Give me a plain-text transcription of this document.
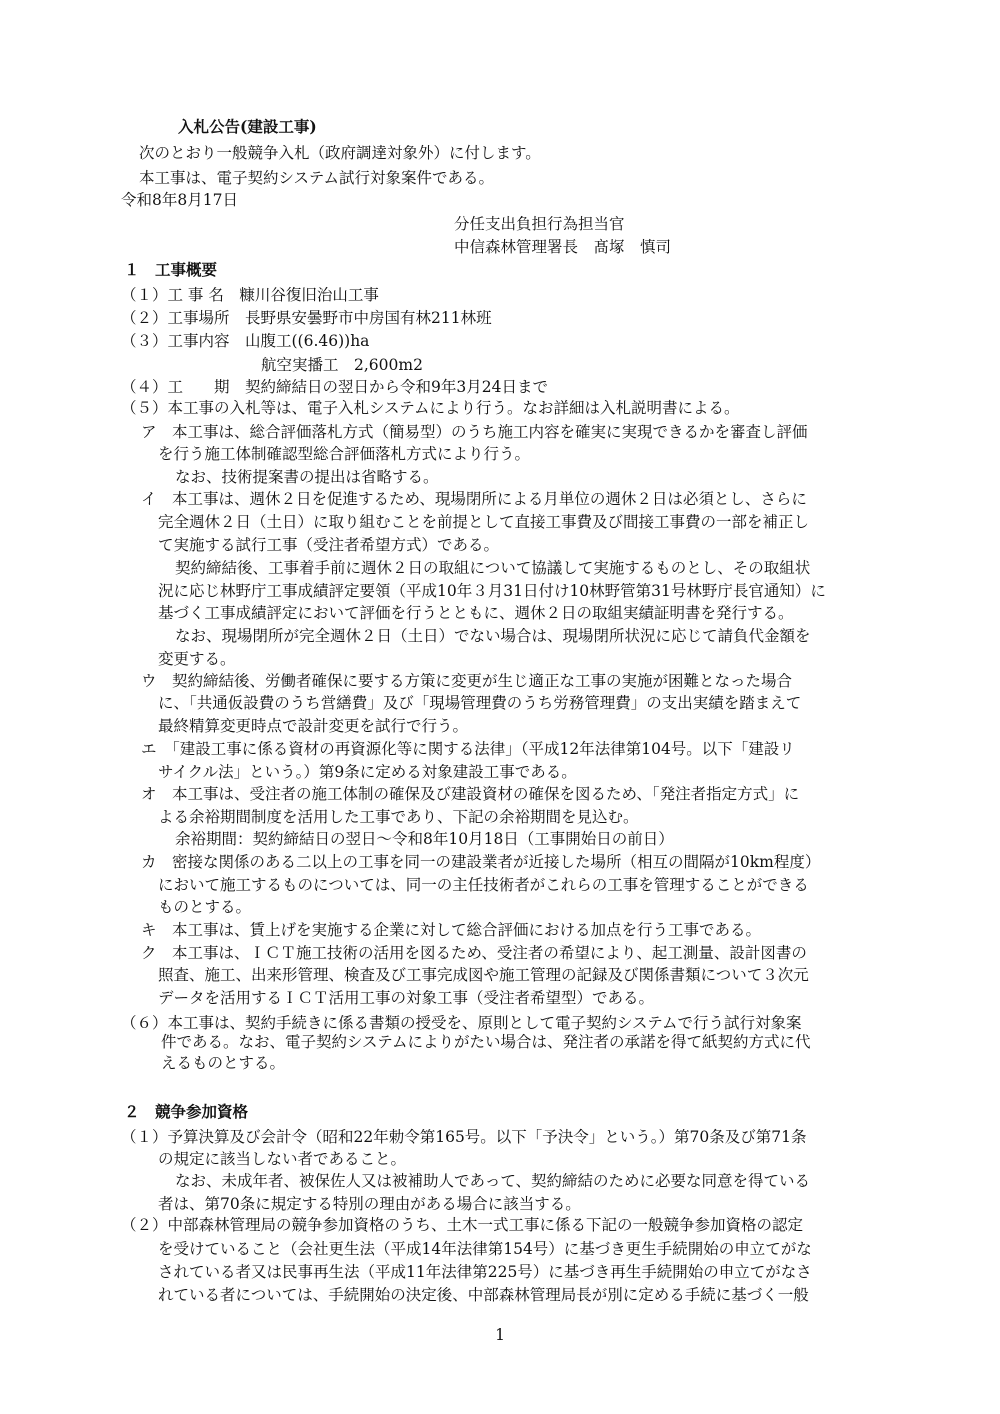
入札公告(建設工事)

次のとおり一般競争入札（政府調達対象外）に付します。

本工事は、電子契約システム試行対象案件である。

令和8年8月17日

分任支出負担行為担当官

中信森林管理署長　髙塚　慎司

１　工事概要

（１）工 事 名　糠川谷復旧治山工事

（２）工事場所　長野県安曇野市中房国有林211林班

（３）工事内容　山腹工((6.46))ha

航空実播工　2,600m2

（４）工　　期　契約締結日の翌日から令和9年3月24日まで

（５）本工事の入札等は、電子入札システムにより行う。なお詳細は入札説明書による。

ア　本工事は、総合評価落札方式（簡易型）のうち施工内容を確実に実現できるかを審査し評価

を行う施工体制確認型総合評価落札方式により行う。

なお、技術提案書の提出は省略する。

イ　本工事は、週休２日を促進するため、現場閉所による月単位の週休２日は必須とし、さらに

完全週休２日（土日）に取り組むことを前提として直接工事費及び間接工事費の一部を補正し

て実施する試行工事（受注者希望方式）である。

契約締結後、工事着手前に週休２日の取組について協議して実施するものとし、その取組状

況に応じ林野庁工事成績評定要領（平成10年３月31日付け10林野管第31号林野庁長官通知）に

基づく工事成績評定において評価を行うとともに、週休２日の取組実績証明書を発行する。

なお、現場閉所が完全週休２日（土日）でない場合は、現場閉所状況に応じて請負代金額を

変更する。

ウ　契約締結後、労働者確保に要する方策に変更が生じ適正な工事の実施が困難となった場合

に、「共通仮設費のうち営繕費」及び「現場管理費のうち労務管理費」の支出実績を踏まえて

最終精算変更時点で設計変更を試行で行う。

エ　「建設工事に係る資材の再資源化等に関する法律」（平成12年法律第104号。以下「建設リ

サイクル法」という。）第9条に定める対象建設工事である。

オ　本工事は、受注者の施工体制の確保及び建設資材の確保を図るため、「発注者指定方式」に

よる余裕期間制度を活用した工事であり、下記の余裕期間を見込む。

余裕期間：契約締結日の翌日～令和8年10月18日（工事開始日の前日）

カ　密接な関係のある二以上の工事を同一の建設業者が近接した場所（相互の間隔が10km程度）

において施工するものについては、同一の主任技術者がこれらの工事を管理することができる

ものとする。

キ　本工事は、賃上げを実施する企業に対して総合評価における加点を行う工事である。

ク　本工事は、ＩＣＴ施工技術の活用を図るため、受注者の希望により、起工測量、設計図書の

照査、施工、出来形管理、検査及び工事完成図や施工管理の記録及び関係書類について３次元

データを活用するＩＣＴ活用工事の対象工事（受注者希望型）である。

（６）本工事は、契約手続きに係る書類の授受を、原則として電子契約システムで行う試行対象案

件である。なお、電子契約システムによりがたい場合は、発注者の承諾を得て紙契約方式に代

えるものとする。

２　競争参加資格

（１）予算決算及び会計令（昭和22年勅令第165号。以下「予決令」という。）第70条及び第71条

の規定に該当しない者であること。

なお、未成年者、被保佐人又は被補助人であって、契約締結のために必要な同意を得ている

者は、第70条に規定する特別の理由がある場合に該当する。

（２）中部森林管理局の競争参加資格のうち、土木一式工事に係る下記の一般競争参加資格の認定

を受けていること（会社更生法（平成14年法律第154号）に基づき更生手続開始の申立てがな

されている者又は民事再生法（平成11年法律第225号）に基づき再生手続開始の申立てがなさ

れている者については、手続開始の決定後、中部森林管理局長が別に定める手続に基づく一般

1
